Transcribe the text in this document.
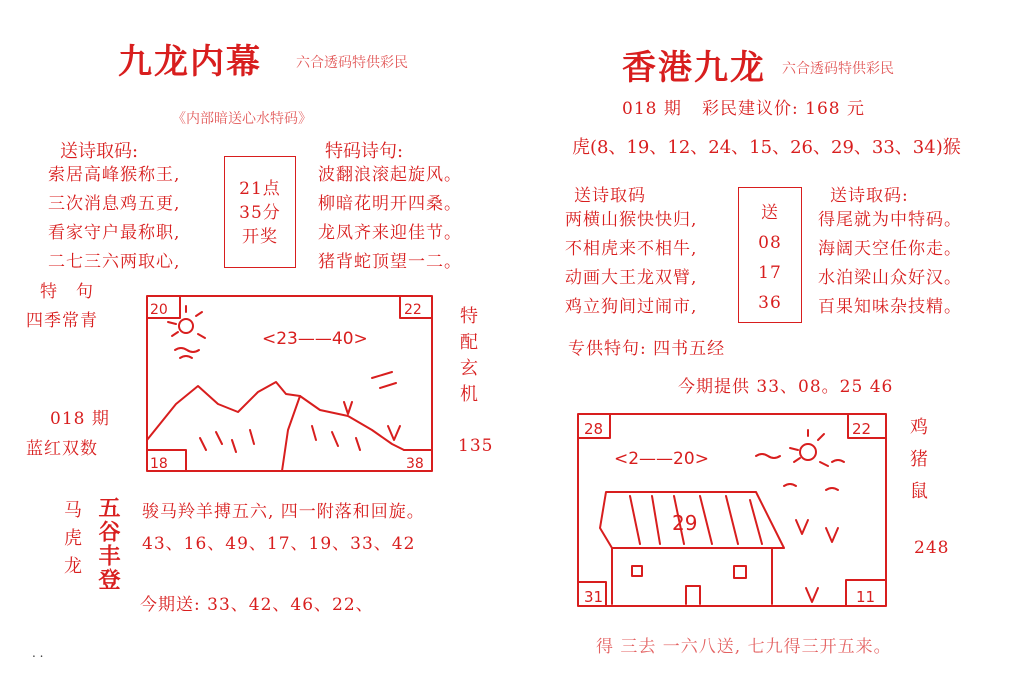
九龙内幕 六合透码特供彩民
《内部暗送心水特码》
送诗取码:	特码诗句:
索居高峰猴称王,
三次消息鸡五更,
看家守户最称职,
二七三六两取心,
21点
35分
开奖
波翻浪滚起旋风。
柳暗花明开四桑。
龙凤齐来迎佳节。
猪背蛇顶望一二。
特　句
四季常青
018 期
蓝红双数
特配玄机
135
20	22
<23——40>
18	38
马
虎
龙 五谷丰登 骏马羚羊搏五六, 四一附落和回旋。
43、16、49、17、19、33、42
今期送: 33、42、46、22、
. .
香港九龙 六合透码特供彩民
018 期 彩民建议价: 168 元
虎(8、19、12、24、15、26、29、33、34)猴
送诗取码	送诗取码:
两横山猴快快归,
不相虎来不相牛,
动画大王龙双臂,
鸡立狗间过闹市,
送
08
17
36
得尾就为中特码。
海阔天空任你走。
水泊梁山众好汉。
百果知味杂技精。
专供特句: 四书五经
今期提供 33、08。25 46
28	22
<2——20>
29
31	11
鸡
猪
鼠
248
得 三去 一六八送, 七九得三开五来。
